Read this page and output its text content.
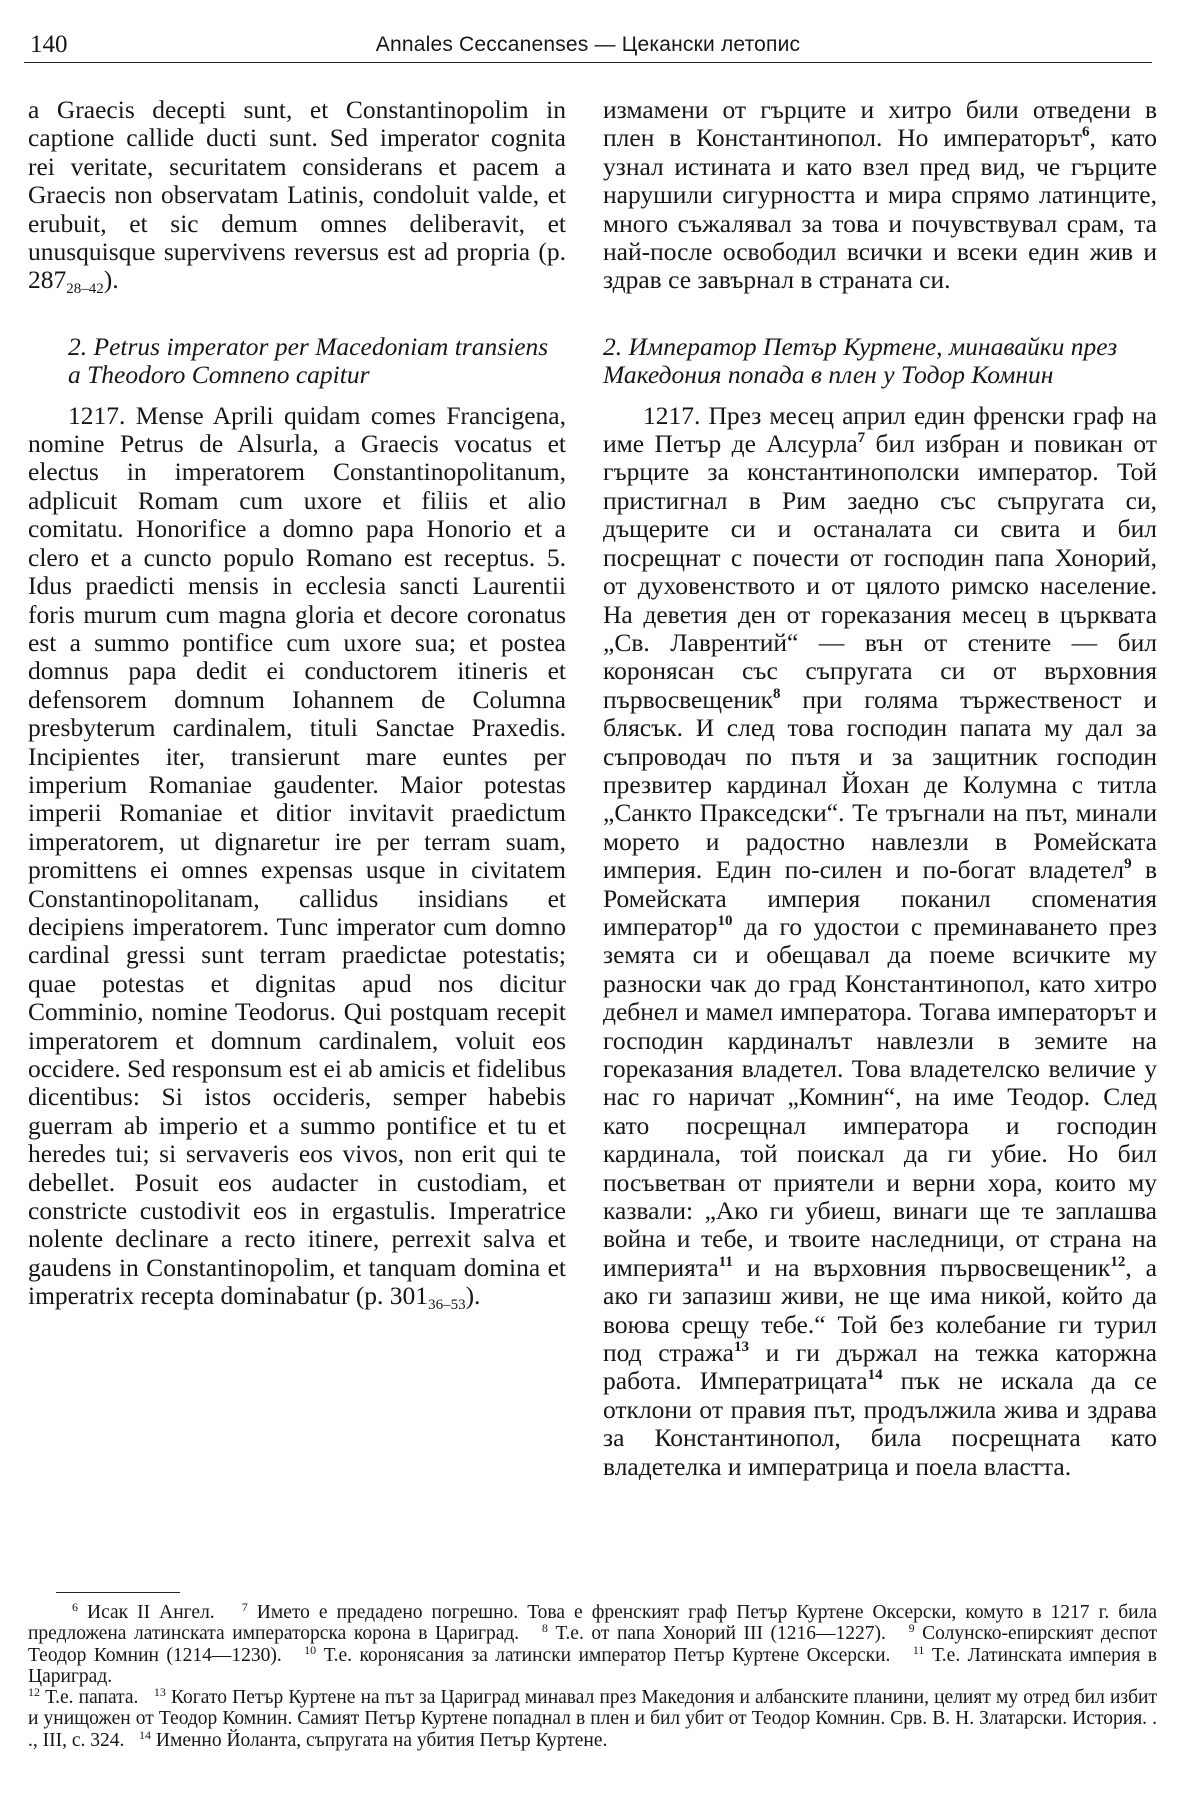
140	Annales Ceccanenses — Цекански летопис

a Graecis decepti sunt, et Constantinopolim in captione callide ducti sunt. Sed imperator cognita rei veritate, securitatem considerans et pacem a Graecis non observatam Latinis, condoluit valde, et erubuit, et sic demum omnes deliberavit, et unusquisque supervivens reversus est ad propria (p. $287_{28-42}$).

2. Petrus imperator per Macedoniam transiens a Theodoro Comneno capitur

1217. Mense Aprili quidam comes Francigena, nomine Petrus de Alsurla, a Graecis vocatus et electus in imperatorem Constantinopolitanum, adplicuit Romam cum uxore et filiis et alio comitatu. Honorifice a domno papa Honorio et a clero et a cuncto populo Romano est receptus. 5. Idus praedicti mensis in ecclesia sancti Laurentii foris murum cum magna gloria et decore coronatus est a summo pontifice cum uxore sua; et postea domnus papa dedit ei conductorem itineris et defensorem domnum Iohannem de Columna presbyterum cardinalem, tituli Sanctae Praxedis. Incipientes iter, transierunt mare euntes per imperium Romaniae gaudenter. Maior potestas imperii Romaniae et ditior invitavit praedictum imperatorem, ut dignaretur ire per terram suam, promittens ei omnes expensas usque in civitatem Constantinopolitanam, callidus insidians et decipiens imperatorem. Tunc imperator cum domno cardinal gressi sunt terram praedictae potestatis; quae potestas et dignitas apud nos dicitur Comminio, nomine Teodorus. Qui postquam recepit imperatorem et domnum cardinalem, voluit eos occidere. Sed responsum est ei ab amicis et fidelibus dicentibus: Si istos occideris, semper habebis guerram ab imperio et a summo pontifice et tu et heredes tui; si servaveris eos vivos, non erit qui te debellet. Posuit eos audacter in custodiam, et constricte custodivit eos in ergastulis. Imperatrice nolente declinare a recto itinere, perrexit salva et gaudens in Constantinopolim, et tanquam domina et imperatrix recepta dominabatur (p. $301_{36-53}$).

измамени от гърците и хитро били отведени в плен в Константинопол. Но императорът$^6$, като узнал истината и като взел пред вид, че гърците нарушили сигурността и мира спрямо латинците, много съжалявал за това и почувствувал срам, та най-после освободил всички и всеки един жив и здрав се завърнал в страната си.

2. Император Петър Куртене, минавайки през Македония попада в плен у Тодор Комнин

1217. През месец април един френски граф на име Петър де Алсурла$^7$ бил избран и повикан от гърците за константинополски император. Той пристигнал в Рим заедно със съпругата си, дъщерите си и останалата си свита и бил посрещнат с почести от господин папа Хонорий, от духовенството и от цялото римско население. На деветия ден от гореказания месец в църквата „Св. Лаврентий“ — вън от стените — бил коронясан със съпругата си от върховния първосвещеник$^8$ при голяма тържественост и блясък. И след това господин папата му дал за съпроводач по пътя и за защитник господин презвитер кардинал Йохан де Колумна с титла „Санкто Пракседски“. Те тръгнали на път, минали морето и радостно навлезли в Ромейската империя. Един по-силен и по-богат владетел$^9$ в Ромейската империя поканил споменатия император$^{10}$ да го удостои с преминаването през земята си и обещавал да поеме всичките му разноски чак до град Константинопол, като хитро дебнел и мамел императора. Тогава императорът и господин кардиналът навлезли в земите на гореказания владетел. Това владетелско величие у нас го наричат „Комнин“, на име Теодор. След като посрещнал императора и господин кардинала, той поискал да ги убие. Но бил посъветван от приятели и верни хора, които му казвали: „Ако ги убиеш, винаги ще те заплашва война и тебе, и твоите наследници, от страна на империята$^{11}$ и на върховния първосвещеник$^{12}$, а ако ги запазиш живи, не ще има никой, който да воюва срещу тебе.“ Той без колебание ги турил под стража$^{13}$ и ги държал на тежка каторжна работа. Императрицата$^{14}$ пък не искала да се отклони от правия път, продължила жива и здрава за Константинопол, била посрещната като владетелка и императрица и поела властта.

$^6$ Исак II Ангел. $^7$ Името е предадено погрешно. Това е френският граф Петър Куртене Оксерски, комуто в 1217 г. била предложена латинската императорска корона в Цариград. $^8$ Т.е. от папа Хонорий III (1216—1227). $^9$ Солунско-епирският деспот Теодор Комнин (1214—1230). $^{10}$ Т.е. коронясания за латински император Петър Куртене Оксерски. $^{11}$ Т.е. Латинската империя в Цариград.
$^{12}$ Т.е. папата. $^{13}$ Когато Петър Куртене на път за Цариград минавал през Македония и албанските планини, целият му отред бил избит и унищожен от Теодор Комнин. Самият Петър Куртене попаднал в плен и бил убит от Теодор Комнин. Срв. В. Н. Златарски. История. . ., III, с. 324. $^{14}$ Именно Йоланта, съпругата на убития Петър Куртене.
